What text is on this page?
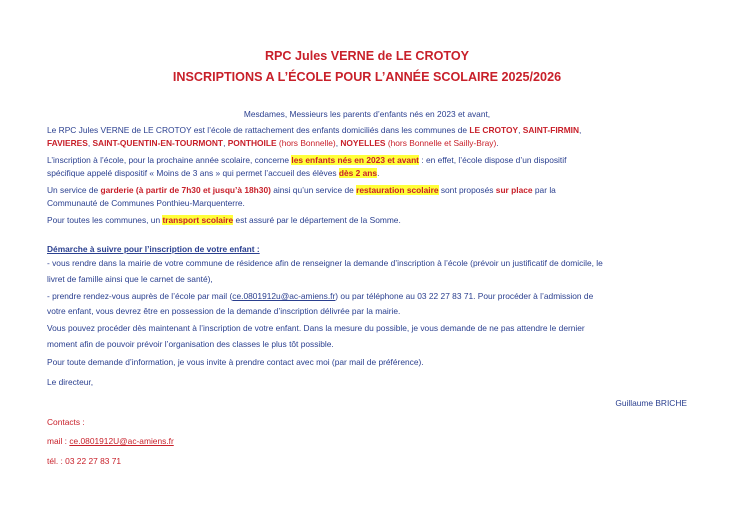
RPC Jules VERNE de LE CROTOY
INSCRIPTIONS A L’ÉCOLE POUR L’ANNÉE SCOLAIRE 2025/2026
Mesdames, Messieurs les parents d’enfants nés en 2023 et avant,
Le RPC Jules VERNE de LE CROTOY est l’école de rattachement des enfants domiciliés dans les communes de LE CROTOY, SAINT-FIRMIN,
FAVIERES, SAINT-QUENTIN-EN-TOURMONT, PONTHOILE (hors Bonnelle), NOYELLES (hors Bonnelle et Sailly-Bray).
L’inscription à l’école, pour la prochaine année scolaire, concerne les enfants nés en 2023 et avant : en effet, l’école dispose d’un dispositif
spécifique appelé dispositif « Moins de 3 ans » qui permet l’accueil des élèves dès 2 ans.
Un service de garderie (à partir de 7h30 et jusqu’à 18h30) ainsi qu’un service de restauration scolaire sont proposés sur place par la
Communauté de Communes Ponthieu-Marquenterre.
Pour toutes les communes, un transport scolaire est assuré par le département de la Somme.
Démarche à suivre pour l’inscription de votre enfant :
- vous rendre dans la mairie de votre commune de résidence afin de renseigner la demande d’inscription à l’école (prévoir un justificatif de domicile, le
livret de famille ainsi que le carnet de santé),
- prendre rendez-vous auprès de l’école par mail (ce.0801912u@ac-amiens.fr) ou par téléphone au 03 22 27 83 71. Pour procéder à l’admission de
votre enfant, vous devrez être en possession de la demande d’inscription délivrée par la mairie.
Vous pouvez procéder dès maintenant à l’inscription de votre enfant. Dans la mesure du possible, je vous demande de ne pas attendre le dernier
moment afin de pouvoir prévoir l’organisation des classes le plus tôt possible.
Pour toute demande d’information, je vous invite à prendre contact avec moi (par mail de préférence).
Le directeur,
Guillaume BRICHE
Contacts :
mail : ce.0801912U@ac-amiens.fr
tél. : 03 22 27 83 71
